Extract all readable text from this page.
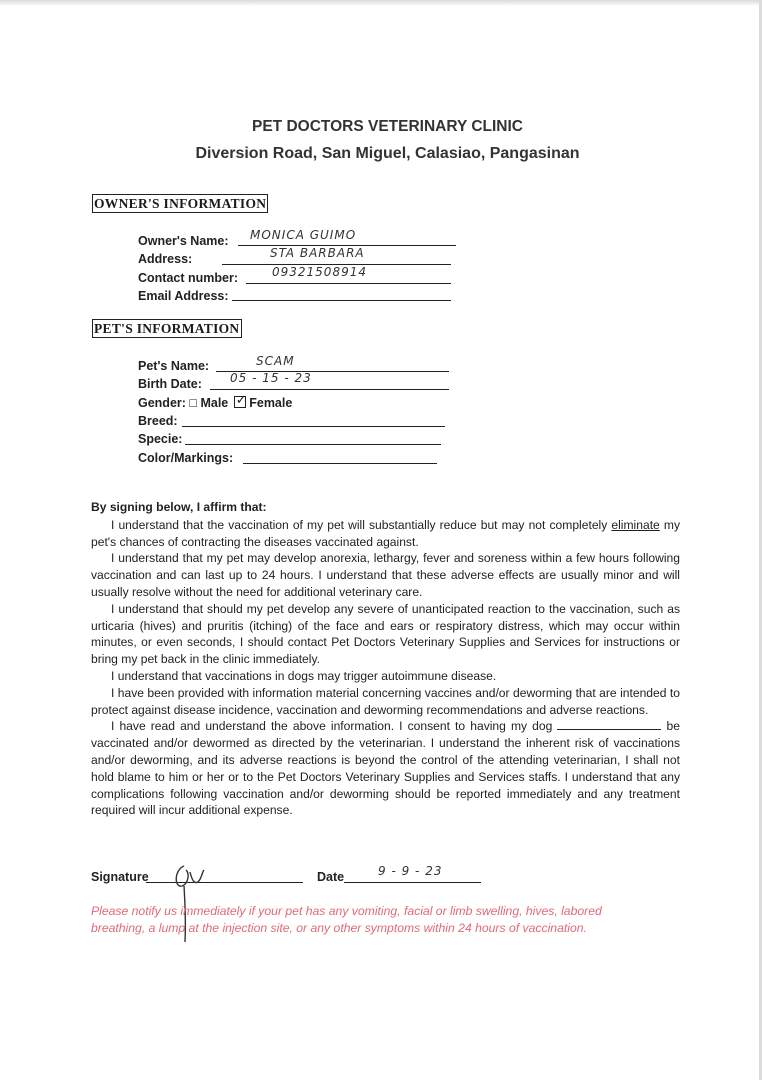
PET DOCTORS VETERINARY CLINIC
Diversion Road, San Miguel, Calasiao, Pangasinan
OWNER'S INFORMATION
Owner's Name: MONICA GUIMO
Address:	STA BARBARA
Contact number:	09321508914
Email Address:
PET'S INFORMATION
Pet's Name:	SCAM
Birth Date: 05 - 15 - 23
Gender: □ Male ✓ Female
Breed:
Specie:
Color/Markings:

By signing below, I affirm that:

I understand that the vaccination of my pet will substantially reduce but may not completely eliminate my pet's chances of contracting the diseases vaccinated against.

I understand that my pet may develop anorexia, lethargy, fever and soreness within a few hours following vaccination and can last up to 24 hours. I understand that these adverse effects are usually minor and will usually resolve without the need for additional veterinary care.

I understand that should my pet develop any severe of unanticipated reaction to the vaccination, such as urticaria (hives) and pruritis (itching) of the face and ears or respiratory distress, which may occur within minutes, or even seconds, I should contact Pet Doctors Veterinary Supplies and Services for instructions or bring my pet back in the clinic immediately.

I understand that vaccinations in dogs may trigger autoimmune disease.

I have been provided with information material concerning vaccines and/or deworming that are intended to protect against disease incidence, vaccination and deworming recommendations and adverse reactions.

I have read and understand the above information. I consent to having my dog	be vaccinated and/or dewormed as directed by the veterinarian. I understand the inherent risk of vaccinations and/or deworming, and its adverse reactions is beyond the control of the attending veterinarian, I shall not hold blame to him or her or to the Pet Doctors Veterinary Supplies and Services staffs. I understand that any complications following vaccination and/or deworming should be reported immediately and any treatment required will incur additional expense.

Signature	Date	9 - 9 - 23
Please notify us immediately if your pet has any vomiting, facial or limb swelling, hives, labored breathing, a lump at the injection site, or any other symptoms within 24 hours of vaccination.
